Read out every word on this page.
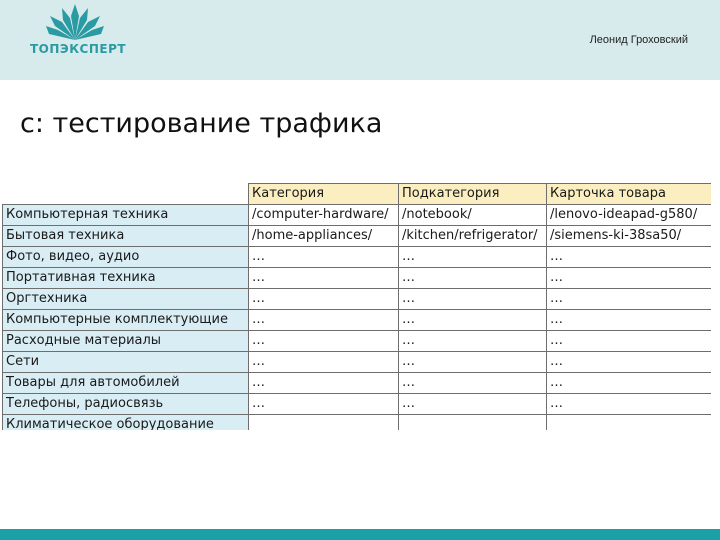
ТОПЭКСПЕРТ
Леонид Гроховский
с: тестирование трафика
	Категория	Подкатегория	Карточка товара
Компьютерная техника	/computer-hardware/	/notebook/	/lenovo-ideapad-g580/
Бытовая техника	/home-appliances/	/kitchen/refrigerator/	/siemens-ki-38sa50/
Фото, видео, аудио	…	…	…
Портативная техника	…	…	…
Оргтехника	…	…	…
Компьютерные комплектующие	…	…	…
Расходные материалы	…	…	…
Сети	…	…	…
Товары для автомобилей	…	…	…
Телефоны, радиосвязь	…	…	…
Климатическое оборудование			
